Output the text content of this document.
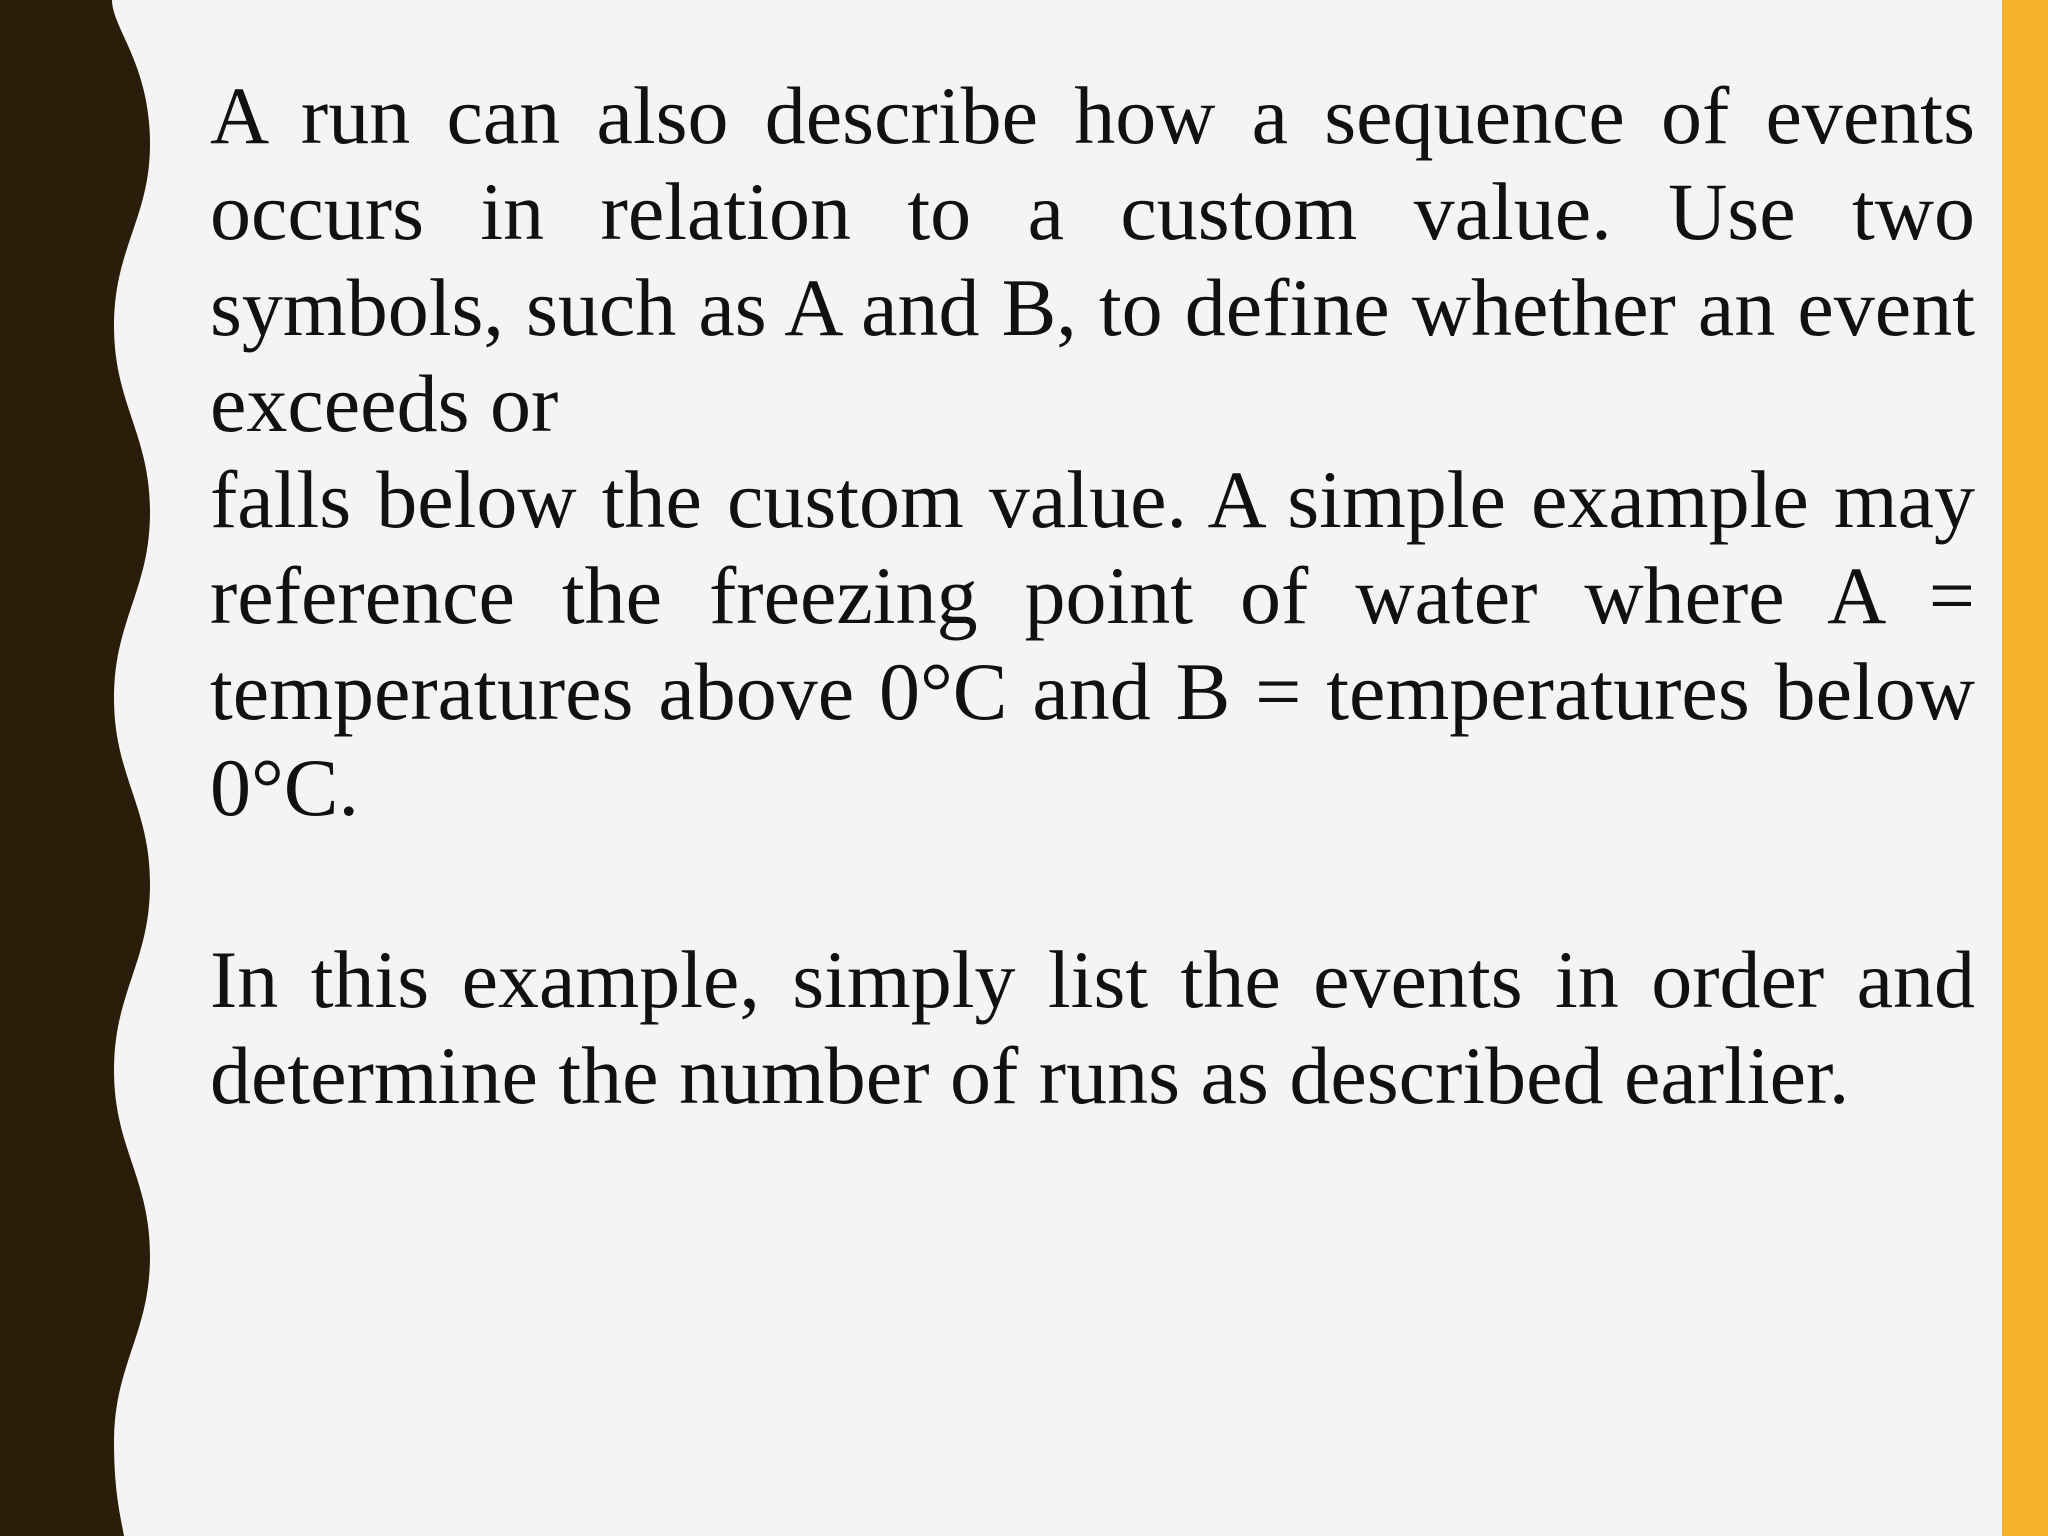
A run can also describe how a sequence of events occurs in relation to a custom value. Use two symbols, such as A and B, to define whether an event exceeds or
falls below the custom value. A simple example may reference the freezing point of water where A = temperatures above 0°C and B = temperatures below 0°C.

In this example, simply list the events in order and determine the number of runs as described earlier.
